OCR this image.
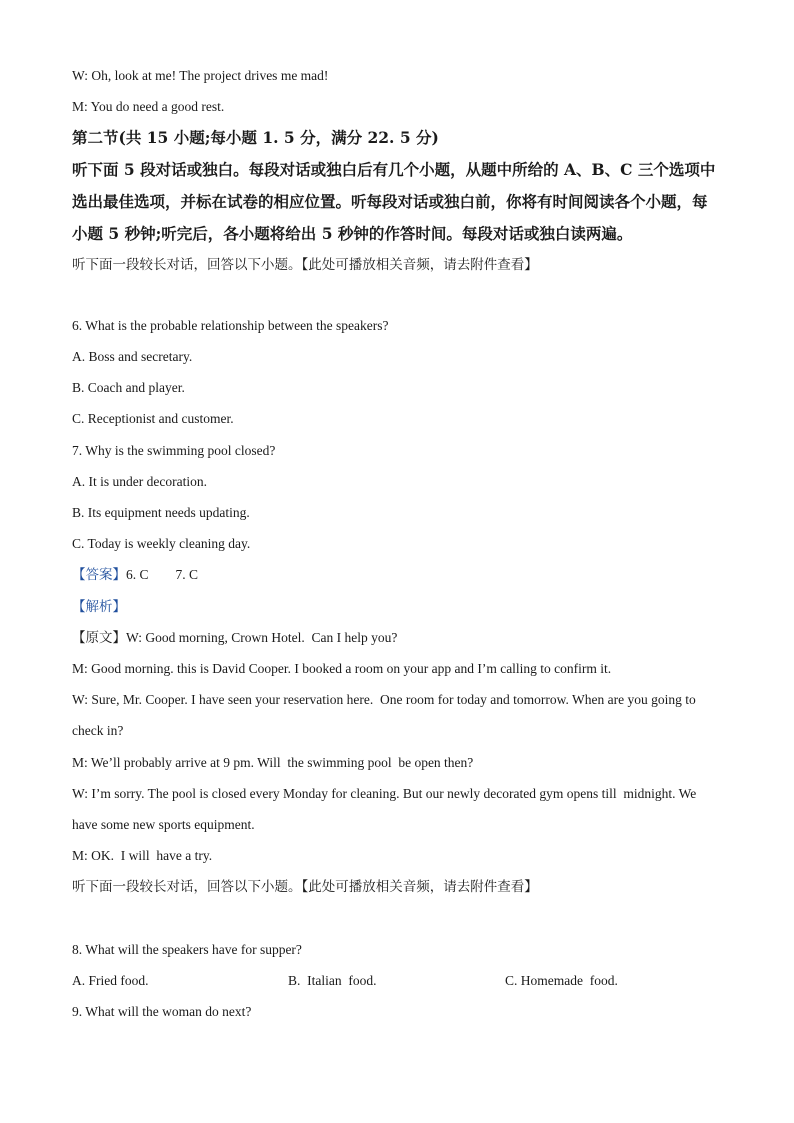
W: Oh, look at me! The project drives me mad!
M: You do need a good rest.
第二节(共 15 小题;每小题 1. 5 分，满分 22. 5 分)
听下面 5 段对话或独白。每段对话或独白后有几个小题，从题中所给的 A、B、C 三个选项中
选出最佳选项，并标在试卷的相应位置。听每段对话或独白前，你将有时间阅读各个小题，每
小题 5 秒钟;听完后，各小题将给出 5 秒钟的作答时间。每段对话或独白读两遍。
听下面一段较长对话，回答以下小题。【此处可播放相关音频，请去附件查看】
6. What is the probable relationship between the speakers?
A. Boss and secretary.
B. Coach and player.
C. Receptionist and customer.
7. Why is the swimming pool closed?
A. It is under decoration.
B. Its equipment needs updating.
C. Today is weekly cleaning day.
【答案】6. C        7. C
【解析】
【原文】W: Good morning, Crown Hotel.  Can I help you?
M: Good morning. this is David Cooper. I booked a room on your app and I’m calling to confirm it.
W: Sure, Mr. Cooper. I have seen your reservation here.  One room for today and tomorrow. When are you going to
check in?
M: We’ll probably arrive at 9 pm. Will  the swimming pool  be open then?
W: I’m sorry. The pool is closed every Monday for cleaning. But our newly decorated gym opens till  midnight. We
have some new sports equipment.
M: OK.  I will  have a try.
听下面一段较长对话，回答以下小题。【此处可播放相关音频，请去附件查看】
8. What will the speakers have for supper?
A. Fried food.	B.  Italian  food.	C. Homemade  food.
9. What will the woman do next?
